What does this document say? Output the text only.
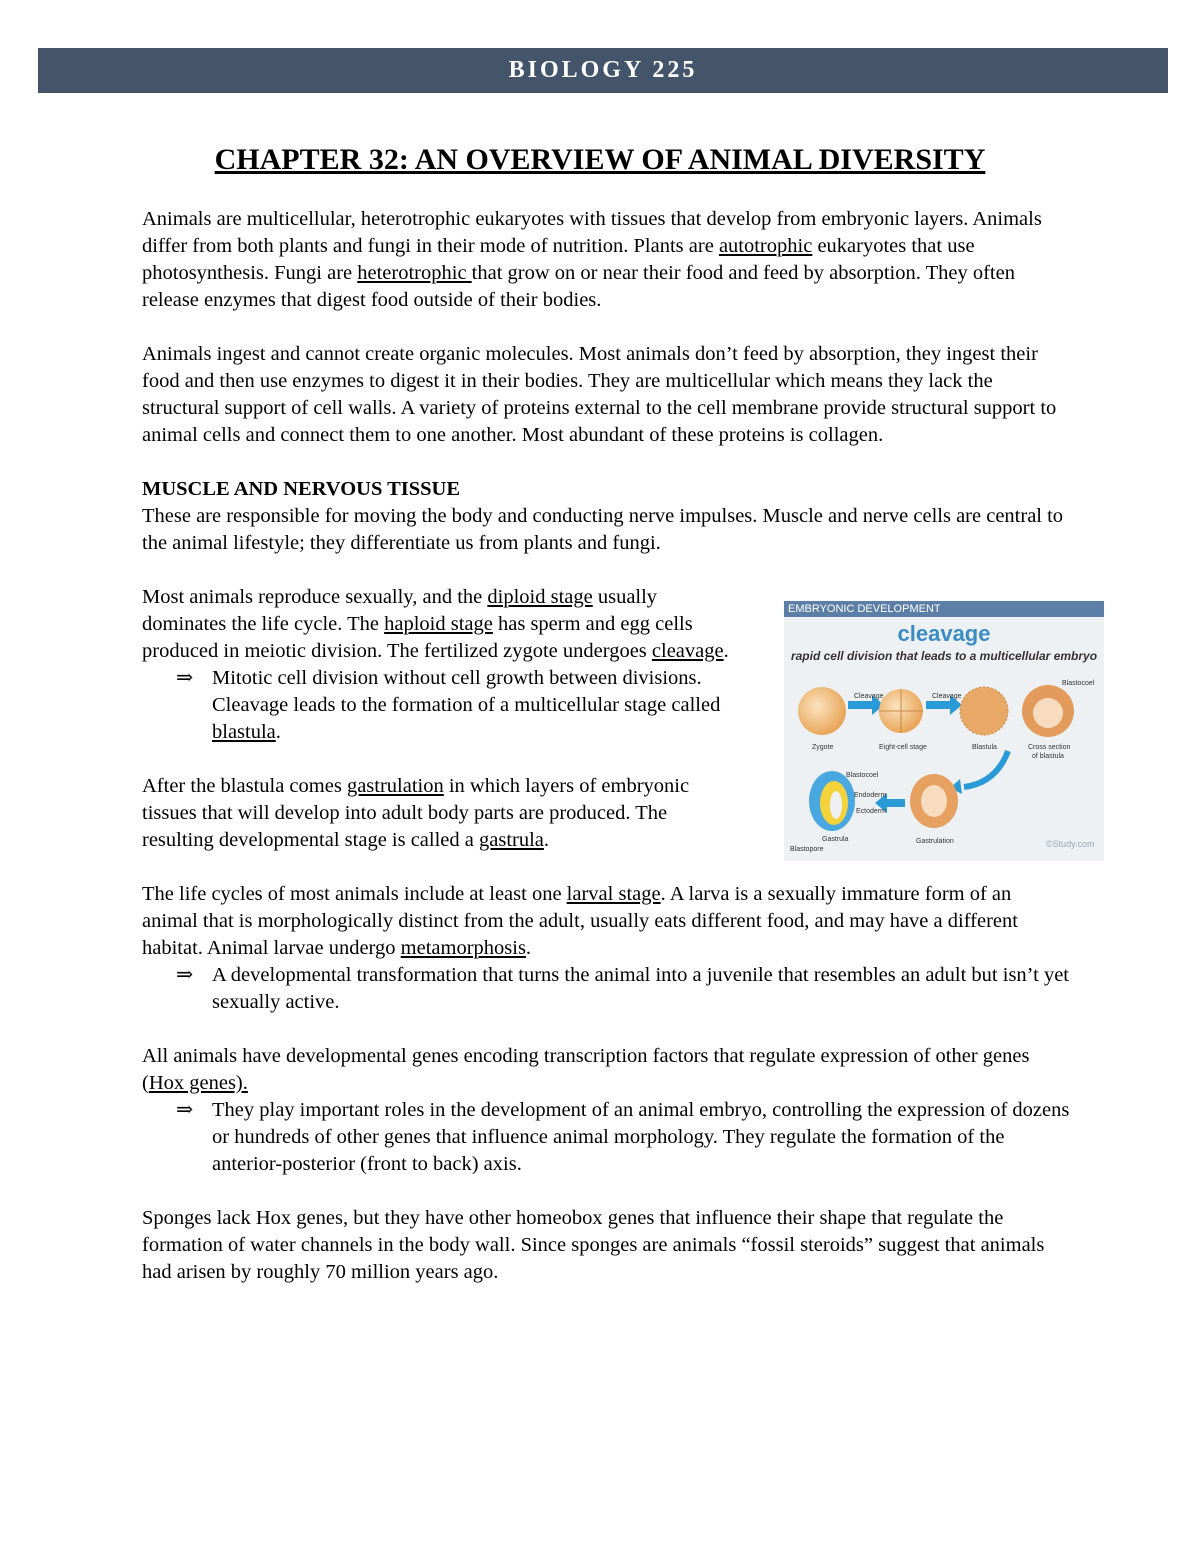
BIOLOGY 225
CHAPTER 32: AN OVERVIEW OF ANIMAL DIVERSITY

Animals are multicellular, heterotrophic eukaryotes with tissues that develop from embryonic layers. Animals differ from both plants and fungi in their mode of nutrition. Plants are autotrophic eukaryotes that use photosynthesis. Fungi are heterotrophic that grow on or near their food and feed by absorption. They often release enzymes that digest food outside of their bodies.

Animals ingest and cannot create organic molecules. Most animals don’t feed by absorption, they ingest their food and then use enzymes to digest it in their bodies. They are multicellular which means they lack the structural support of cell walls. A variety of proteins external to the cell membrane provide structural support to animal cells and connect them to one another. Most abundant of these proteins is collagen.

MUSCLE AND NERVOUS TISSUE

These are responsible for moving the body and conducting nerve impulses. Muscle and nerve cells are central to the animal lifestyle; they differentiate us from plants and fungi.

Most animals reproduce sexually, and the diploid stage usually dominates the life cycle. The haploid stage has sperm and egg cells produced in meiotic division. The fertilized zygote undergoes cleavage.

⇒ Mitotic cell division without cell growth between divisions. Cleavage leads to the formation of a multicellular stage called blastula.

After the blastula comes gastrulation in which layers of embryonic tissues that will develop into adult body parts are produced. The resulting developmental stage is called a gastrula.

The life cycles of most animals include at least one larval stage. A larva is a sexually immature form of an animal that is morphologically distinct from the adult, usually eats different food, and may have a different habitat. Animal larvae undergo metamorphosis.

⇒ A developmental transformation that turns the animal into a juvenile that resembles an adult but isn’t yet sexually active.

All animals have developmental genes encoding transcription factors that regulate expression of other genes (Hox genes).

⇒ They play important roles in the development of an animal embryo, controlling the expression of dozens or hundreds of other genes that influence animal morphology. They regulate the formation of the anterior-posterior (front to back) axis.

Sponges lack Hox genes, but they have other homeobox genes that influence their shape that regulate the formation of water channels in the body wall. Since sponges are animals “fossil steroids” suggest that animals had arisen by roughly 70 million years ago.

EMBRYONIC DEVELOPMENT
cleavage
rapid cell division that leads to a multicellular embryo
Cleavage	Cleavage
Zygote	Eight-cell stage	Blastula	Cross section
of blastula
Blastocoel
Blastocoel
Endoderm
Ectoderm
Gastrula
Blastopore
Gastrulation	©Study.com
